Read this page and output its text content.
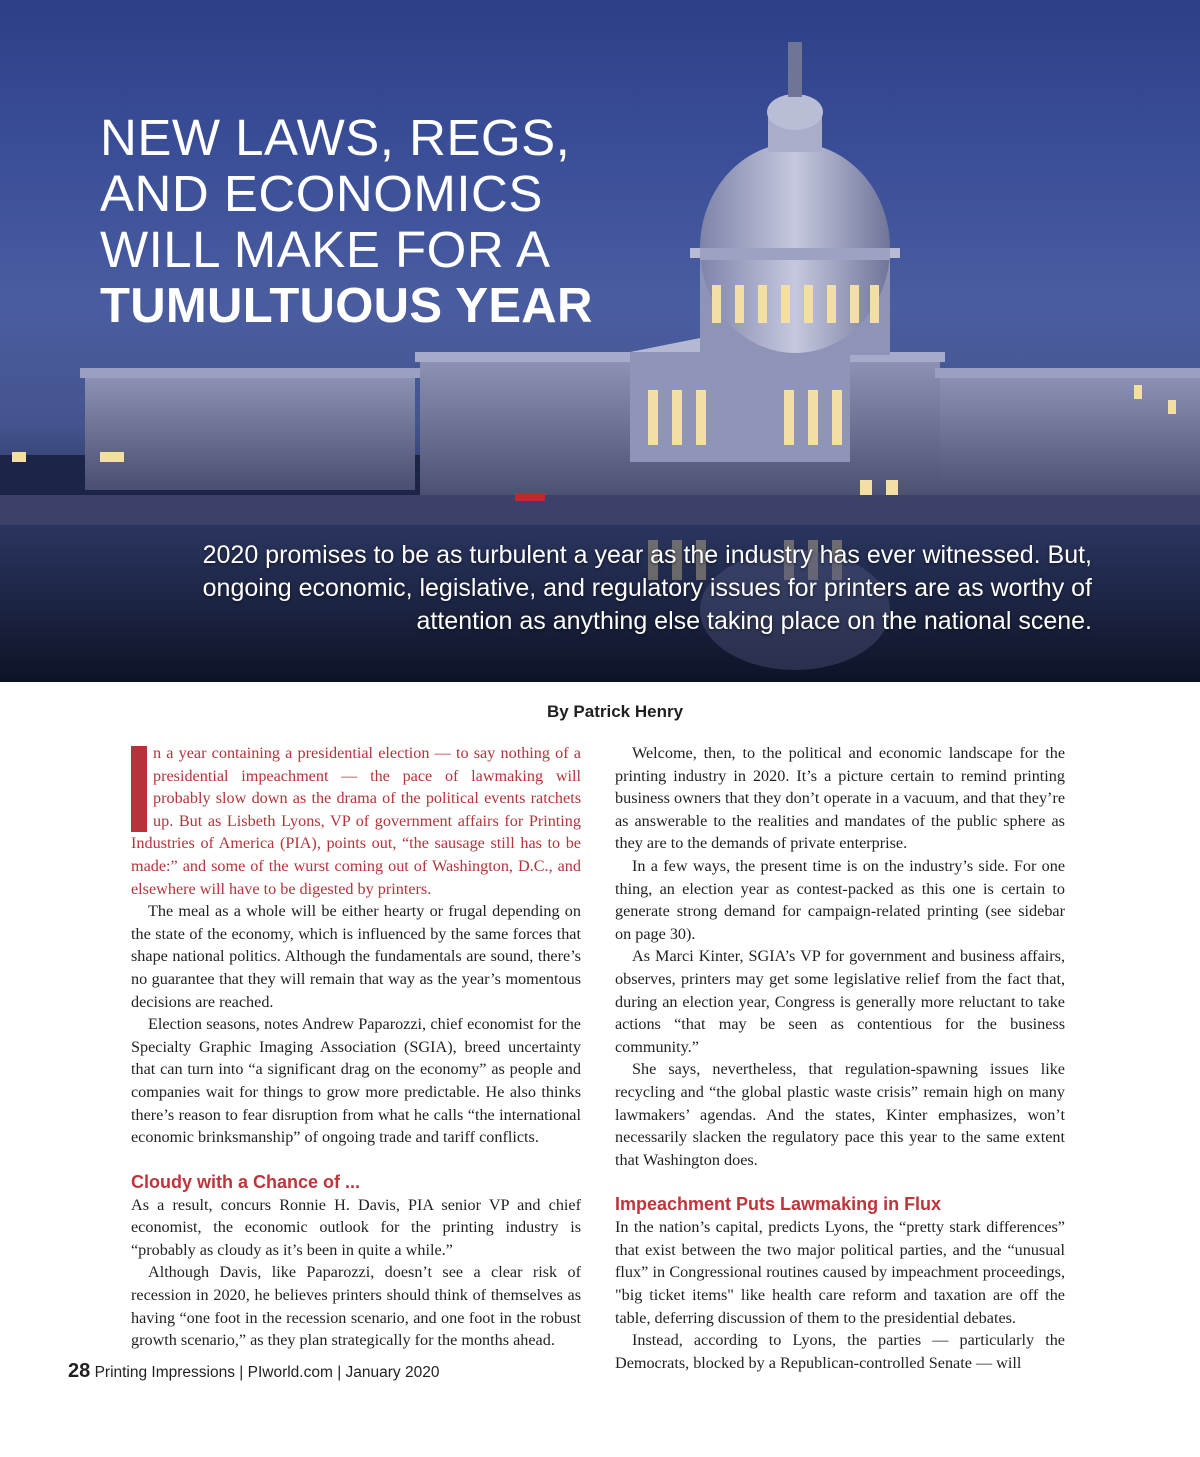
NEW LAWS, REGS,
AND ECONOMICS
WILL MAKE FOR A
TUMULTUOUS YEAR

2020 promises to be as turbulent a year as the industry has ever witnessed. But, ongoing economic, legislative, and regulatory issues for printers are as worthy of attention as anything else taking place on the national scene.

By Patrick Henry

n a year containing a presidential election — to say nothing of a presidential impeachment — the pace of lawmaking will probably slow down as the drama of the political events ratchets up. But as Lisbeth Lyons, VP of government affairs for Printing Industries of America (PIA), points out, “the sausage still has to be made:” and some of the wurst coming out of Washington, D.C., and elsewhere will have to be digested by printers.

The meal as a whole will be either hearty or frugal depending on the state of the economy, which is influenced by the same forces that shape national politics. Although the fundamentals are sound, there’s no guarantee that they will remain that way as the year’s momentous decisions are reached.

Election seasons, notes Andrew Paparozzi, chief economist for the Specialty Graphic Imaging Association (SGIA), breed uncertainty that can turn into “a significant drag on the economy” as people and companies wait for things to grow more predictable. He also thinks there’s reason to fear disruption from what he calls “the international economic brinksmanship” of ongoing trade and tariff conflicts.

Cloudy with a Chance of ...

As a result, concurs Ronnie H. Davis, PIA senior VP and chief economist, the economic outlook for the printing industry is “probably as cloudy as it’s been in quite a while.”

Although Davis, like Paparozzi, doesn’t see a clear risk of recession in 2020, he believes printers should think of themselves as having “one foot in the recession scenario, and one foot in the robust growth scenario,” as they plan strategically for the months ahead.

Welcome, then, to the political and economic landscape for the printing industry in 2020. It’s a picture certain to remind printing business owners that they don’t operate in a vacuum, and that they’re as answerable to the realities and mandates of the public sphere as they are to the demands of private enterprise.

In a few ways, the present time is on the industry’s side. For one thing, an election year as contest-packed as this one is certain to generate strong demand for campaign-related printing (see sidebar on page 30).

As Marci Kinter, SGIA’s VP for government and business affairs, observes, printers may get some legislative relief from the fact that, during an election year, Congress is generally more reluctant to take actions “that may be seen as contentious for the business community.”

She says, nevertheless, that regulation-spawning issues like recycling and “the global plastic waste crisis” remain high on many lawmakers’ agendas. And the states, Kinter emphasizes, won’t necessarily slacken the regulatory pace this year to the same extent that Washington does.

Impeachment Puts Lawmaking in Flux

In the nation’s capital, predicts Lyons, the “pretty stark differences” that exist between the two major political parties, and the “unusual flux” in Congressional routines caused by impeachment proceedings, "big ticket items" like health care reform and taxation are off the table, deferring discussion of them to the presidential debates.

Instead, according to Lyons, the parties — particularly the Democrats, blocked by a Republican-controlled Senate — will

28 Printing Impressions | PIworld.com | January 2020
